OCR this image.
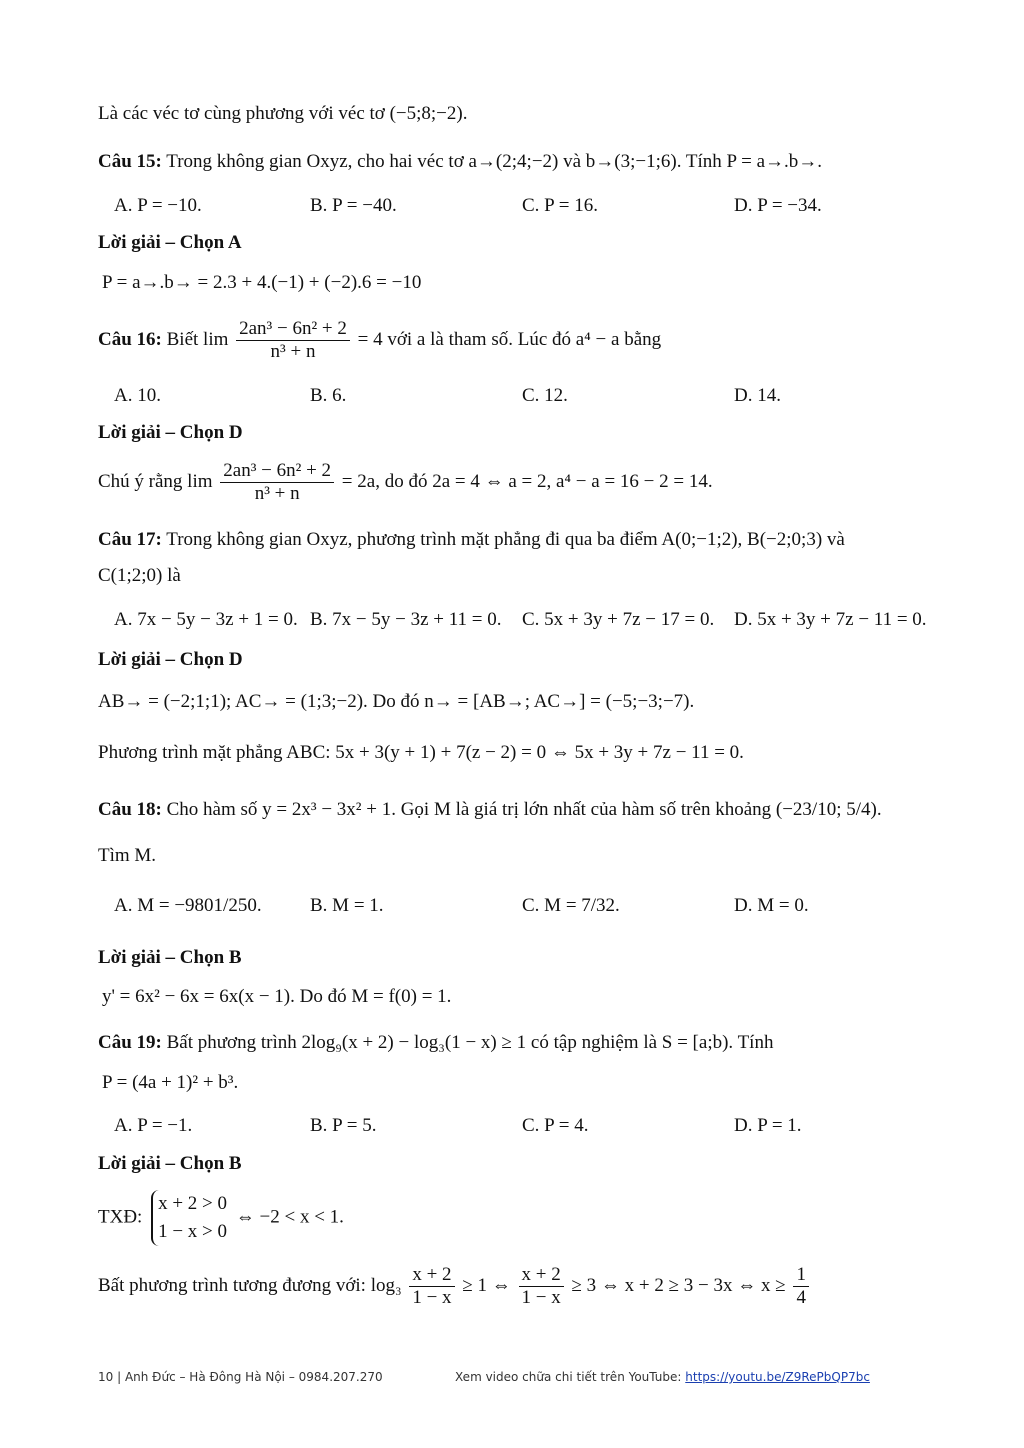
Là các véc tơ cùng phương với véc tơ (−5;8;−2).
Câu 15: Trong không gian Oxyz, cho hai véc tơ a→(2;4;−2) và b→(3;−1;6). Tính P = a→.b→.
A. P = −10.	B. P = −40.	C. P = 16.	D. P = −34.
Lời giải – Chọn A
P = a→.b→ = 2.3 + 4.(−1) + (−2).6 = −10
Câu 16: Biết $\lim \frac{\text{2an³ − 6n² + 2}}{\text{n³ + n}} = 4$ với a là tham số. Lúc đó a⁴ − a bằng
A. 10.	B. 6.	C. 12.	D. 14.
Lời giải – Chọn D
Chú ý rằng $\lim \frac{\text{2an³ − 6n² + 2}}{\text{n³ + n}} = 2a$, do đó 2a = 4 ⇔ a = 2, a⁴ − a = 16 − 2 = 14.
Câu 17: Trong không gian Oxyz, phương trình mặt phẳng đi qua ba điểm A(0;−1;2), B(−2;0;3) và
C(1;2;0) là
A. 7x − 5y − 3z + 1 = 0. B. 7x − 5y − 3z + 11 = 0. C. 5x + 3y + 7z − 17 = 0. D. 5x + 3y + 7z − 11 = 0.
Lời giải – Chọn D
AB→ = (−2;1;1); AC→ = (1;3;−2). Do đó n→ = [AB→; AC→] = (−5;−3;−7).
Phương trình mặt phẳng ABC: 5x + 3(y + 1) + 7(z − 2) = 0 ⇔ 5x + 3y + 7z − 11 = 0.
Câu 18: Cho hàm số y = 2x³ − 3x² + 1. Gọi M là giá trị lớn nhất của hàm số trên khoảng (−23/10; 5/4).
Tìm M.
A. M = −9801/250.	B. M = 1.	C. M = 7/32.	D. M = 0.
Lời giải – Chọn B
y' = 6x² − 6x = 6x(x − 1). Do đó M = f(0) = 1.
Câu 19: Bất phương trình 2log₉(x + 2) − log₃(1 − x) ≥ 1 có tập nghiệm là S = [a;b). Tính
P = (4a + 1)² + b³.
A. P = −1.	B. P = 5.	C. P = 4.	D. P = 1.
Lời giải – Chọn B
TXĐ:
x + 2 > 0
1 − x > 0
⇔ −2 < x < 1.
Bất phương trình tương đương với: $\log_3 \frac{x + 2}{1 - x} \ge 1$ ⇔ $\frac{x + 2}{1 - x} \ge 3$ ⇔ x + 2 ≥ 3 − 3x ⇔ $x \ge \frac{1}{4}$
10 | Anh Đức – Hà Đông Hà Nội – 0984.207.270	Xem video chữa chi tiết trên YouTube: https://youtu.be/Z9RePbQP7bc
